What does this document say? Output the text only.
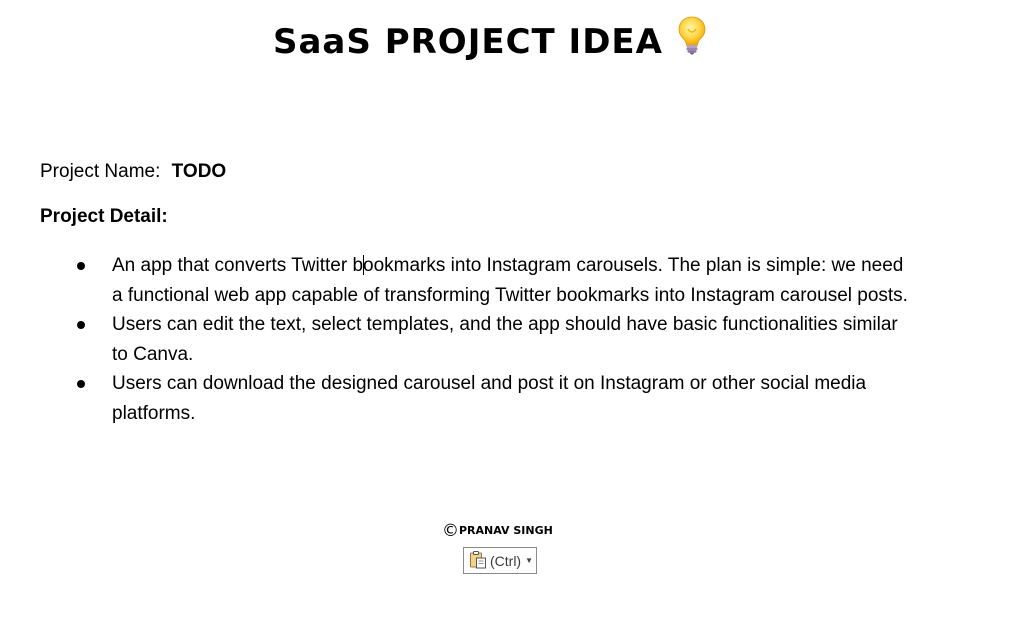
SaaS PROJECT IDEA
Project Name: TODO
Project Detail:
An app that converts Twitter bookmarks into Instagram carousels. The plan is simple: we need a functional web app capable of transforming Twitter bookmarks into Instagram carousel posts.
Users can edit the text, select templates, and the app should have basic functionalities similar to Canva.
Users can download the designed carousel and post it on Instagram or other social media platforms.
©PRANAV SINGH
(Ctrl) ▼
